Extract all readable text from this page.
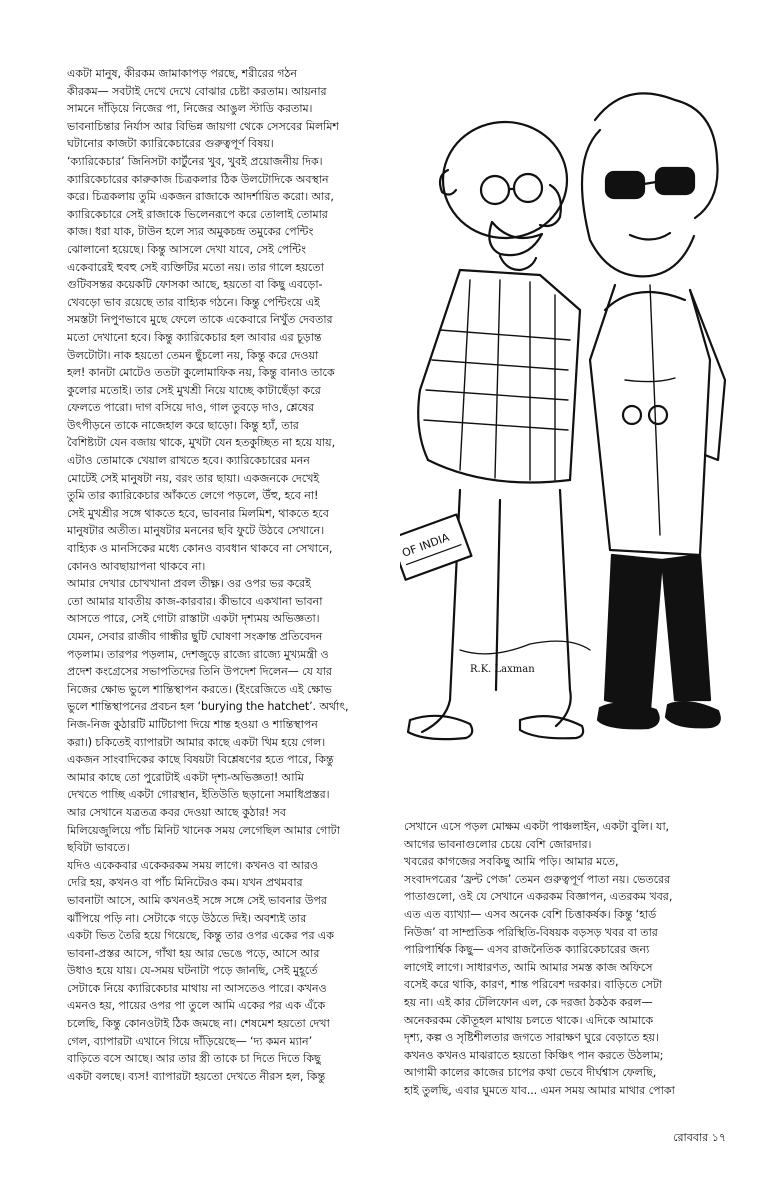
একটা মানুষ, কীরকম জামাকাপড় পরছে, শরীরের গঠন

কীরকম— সবটাই দেখে দেখে বোঝার চেষ্টা করতাম। আয়নার

সামনে দাঁড়িয়ে নিজের পা, নিজের আঙুল স্টাডি করতাম।

ভাবনাচিন্তার নির্যাস আর বিভিন্ন জায়গা থেকে সেসবের মিলমিশ

ঘটানোর কাজটা ক্যারিকেচারের গুরুত্বপূর্ণ বিষয়।

‘ক্যারিকেচার’ জিনিসটা কার্টুনের খুব, খুবই প্রয়োজনীয় দিক।

ক্যারিকেচারের কারুকাজ চিত্রকলার ঠিক উলটোদিকে অবস্থান

করে। চিত্রকলায় তুমি একজন রাজাকে আদর্শায়িত করো। আর,

ক্যারিকেচারে সেই রাজাকে ভিলেনরূপে করে তোলাই তোমার

কাজ। ধরা যাক, টাউন হলে স্যর অমুকচন্দ্র তমুকের পেন্টিং

ঝোলানো হয়েছে। কিন্তু আসলে দেখা যাবে, সেই পেন্টিং

একেবারেই হুবহু সেই ব্যক্তিটির মতো নয়। তার গালে হয়তো

গুটিবসন্তর কয়েকটি ফোসকা আছে, হয়তো বা কিছু এবড়ো-

খেবড়ো ভাব রয়েছে তার বাহ্যিক গঠনে। কিন্তু পেন্টিংয়ে এই

সমস্তটা নিপুণভাবে মুছে ফেলে তাকে একেবারে নিখুঁত দেবতার

মতো দেখানো হবে। কিন্তু ক্যারিকেচার হল আবার এর চূড়ান্ত

উলটোটা। নাক হয়তো তেমন ছুঁচলো নয়, কিন্তু করে দেওয়া

হল! কানটা মোটেও ততটা কুলোমাফিক নয়, কিন্তু বানাও তাকে

কুলোর মতোই। তার সেই মুখশ্রী নিয়ে যাচ্ছে কাটাছেঁড়া করে

ফেলতে পারো। দাগ বসিয়ে দাও, গাল তুবড়ে দাও, শ্লেষের

উৎপীড়নে তাকে নাজেহাল করে ছাড়ো। কিন্তু হ্যাঁ, তার

বৈশিষ্ট্যটা যেন বজায় থাকে, মুখটা যেন হতকুচ্ছিত না হয়ে যায়,

এটাও তোমাকে খেয়াল রাখতে হবে। ক্যারিকেচারের মনন

মোটেই সেই মানুষটা নয়, বরং তার ছায়া। একজনকে দেখেই

তুমি তার ক্যারিকেচার আঁকতে লেগে পড়লে, উঁহু, হবে না!

সেই মুখশ্রীর সঙ্গে থাকতে হবে, ভাবনার মিলমিশ, থাকতে হবে

মানুষটার অতীত। মানুষটার মননের ছবি ফুটে উঠবে সেখানে।

বাহ্যিক ও মানসিকের মধ্যে কোনও ব্যবধান থাকবে না সেখানে,

কোনও আবছায়াপনা থাকবে না।

আমার দেখার চোখখানা প্রবল তীক্ষ্ণ। ওর ওপর ভর করেই

তো আমার যাবতীয় কাজ-কারবার। কীভাবে একখানা ভাবনা

আসতে পারে, সেই গোটা রাস্তাটা একটা দৃশ্যময় অভিজ্ঞতা।

যেমন, সেবার রাজীব গান্ধীর ছুটি ঘোষণা সংক্রান্ত প্রতিবেদন

পড়লাম। তারপর পড়লাম, দেশজুড়ে রাজ্যে রাজ্যে মুখ্যমন্ত্রী ও

প্রদেশ কংগ্রেসের সভাপতিদের তিনি উপদেশ দিলেন— যে যার

নিজের ক্ষোভ ভুলে শান্তিস্থাপন করতে। (ইংরেজিতে এই ক্ষোভ

ভুলে শান্তিস্থাপনের প্রবচন হল ‘burying the hatchet’. অর্থাৎ,

নিজ-নিজ কুঠারটি মাটিচাপা দিয়ে শান্ত হওয়া ও শান্তিস্থাপন

করা।) চকিতেই ব্যাপারটা আমার কাছে একটা থিম হয়ে গেল।

একজন সাংবাদিকের কাছে বিষয়টা বিশ্লেষণের হতে পারে, কিন্তু

আমার কাছে তো পুরোটাই একটা দৃশ্য-অভিজ্ঞতা! আমি

দেখতে পাচ্ছি একটা গোরস্থান, ইতিউতি ছড়ানো সমাধিপ্রস্তর।

আর সেখানে যত্রতত্র কবর দেওয়া আছে কুঠার! সব

মিলিয়েজুলিয়ে পাঁচ মিনিট খানেক সময় লেগেছিল আমার গোটা

ছবিটা ভাবতে।

যদিও একেকবার একেকরকম সময় লাগে। কখনও বা আরও

দেরি হয়, কখনও বা পাঁচ মিনিটেরও কম। যখন প্রথমবার

ভাবনাটা আসে, আমি কখনওই সঙ্গে সঙ্গে সেই ভাবনার উপর

ঝাঁপিয়ে পড়ি না। সেটাকে গড়ে উঠতে দিই। অবশ্যই তার

একটা ভিত তৈরি হয়ে গিয়েছে, কিন্তু তার ওপর একের পর এক

ভাবনা-প্রস্তর আসে, গাঁথা হয় আর ভেঙে পড়ে, আসে আর

উধাও হয়ে যায়। যে-সময় ঘটনাটা পড়ে জানছি, সেই মুহূর্তে

সেটাকে নিয়ে ক্যারিকেচার মাথায় না আসতেও পারে। কখনও

এমনও হয়, পায়ের ওপর পা তুলে আমি একের পর এক এঁকে

চলেছি, কিন্তু কোনওটাই ঠিক জমছে না। শেষমেশ হয়তো দেখা

গেল, ব্যাপারটা এখানে গিয়ে দাঁড়িয়েছে— ‘দ্য কমন ম্যান’

বাড়িতে বসে আছে। আর তার স্ত্রী তাকে চা দিতে দিতে কিছু

একটা বলছে। ব্যস! ব্যাপারটা হয়তো দেখতে নীরস হল, কিন্তু

সেখানে এসে পড়ল মোক্ষম একটা পাঞ্চলাইন, একটা বুলি। যা,

আগের ভাবনাগুলোর চেয়ে বেশি জোরদার।

খবরের কাগজের সবকিছু আমি পড়ি। আমার মতে,

সংবাদপত্রের ‘ফ্রন্ট পেজ’ তেমন গুরুত্বপূর্ণ পাতা নয়। ভেতরের

পাতাগুলো, ওই যে সেখানে একরকম বিজ্ঞাপন, এতরকম খবর,

এত এত ব্যাখ্যা— এসব অনেক বেশি চিত্তাকর্ষক। কিন্তু ‘হার্ড

নিউজ’ বা সাম্প্রতিক পরিস্থিতি-বিষয়ক বড়সড় খবর বা তার

পারিপার্শ্বিক কিছু— এসব রাজনৈতিক ক্যারিকেচারের জন্য

লাগেই লাগে। সাধারণত, আমি আমার সমস্ত কাজ অফিসে

বসেই করে থাকি, কারণ, শান্ত পরিবেশ দরকার। বাড়িতে সেটা

হয় না। এই কার টেলিফোন এল, কে দরজা ঠকঠক করল—

অনেকরকম কৌতূহল মাথায় চলতে থাকে। এদিকে আমাকে

দৃশ্য, কল্প ও সৃষ্টিশীলতার জগতে সারাক্ষণ ঘুরে বেড়াতে হয়।

কখনও কখনও মাঝরাতে হয়তো কিঞ্চিৎ পান করতে উঠলাম;

আগামী কালের কাজের চাপের কথা ভেবে দীর্ঘশ্বাস ফেলছি,

হাই তুলছি, এবার ঘুমতে যাব... এমন সময় আমার মাথার পোকা

OF INDIA
R.K. Laxman
রোববার ১৭
